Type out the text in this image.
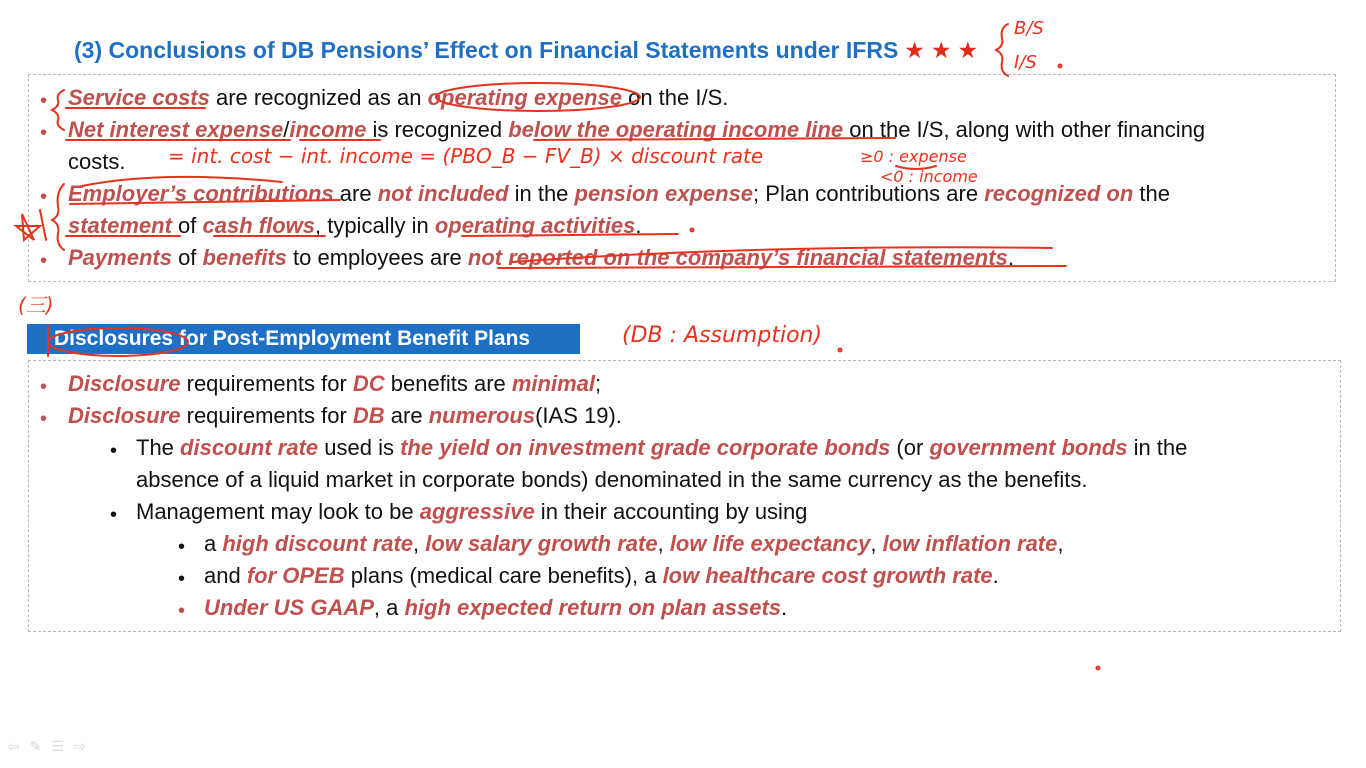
(3) Conclusions of DB Pensions’ Effect on Financial Statements under IFRS ★★★
• Service costs are recognized as an operating expense on the I/S.
• Net interest expense/income is recognized below the operating income line on the I/S, along with other financing
costs.
• Employer’s contributions are not included in the pension expense; Plan contributions are recognized on the
statement of cash flows, typically in operating activities.
• Payments of benefits to employees are not reported on the company’s financial statements.
Disclosures for Post-Employment Benefit Plans
• Disclosure requirements for DC benefits are minimal;
• Disclosure requirements for DB are numerous(IAS 19).
• The discount rate used is the yield on investment grade corporate bonds (or government bonds in the
absence of a liquid market in corporate bonds) denominated in the same currency as the benefits.
• Management may look to be aggressive in their accounting by using
• a high discount rate, low salary growth rate, low life expectancy, low inflation rate,
• and for OPEB plans (medical care benefits), a low healthcare cost growth rate.
• Under US GAAP, a high expected return on plan assets.
B/S
I/S
= int. cost − int. income = (PBO_B − FV_B) × discount rate	≥0 : expense
<0 : income
(三)
(DB : Assumption)
⇦ ✎ ☰ ⇨
